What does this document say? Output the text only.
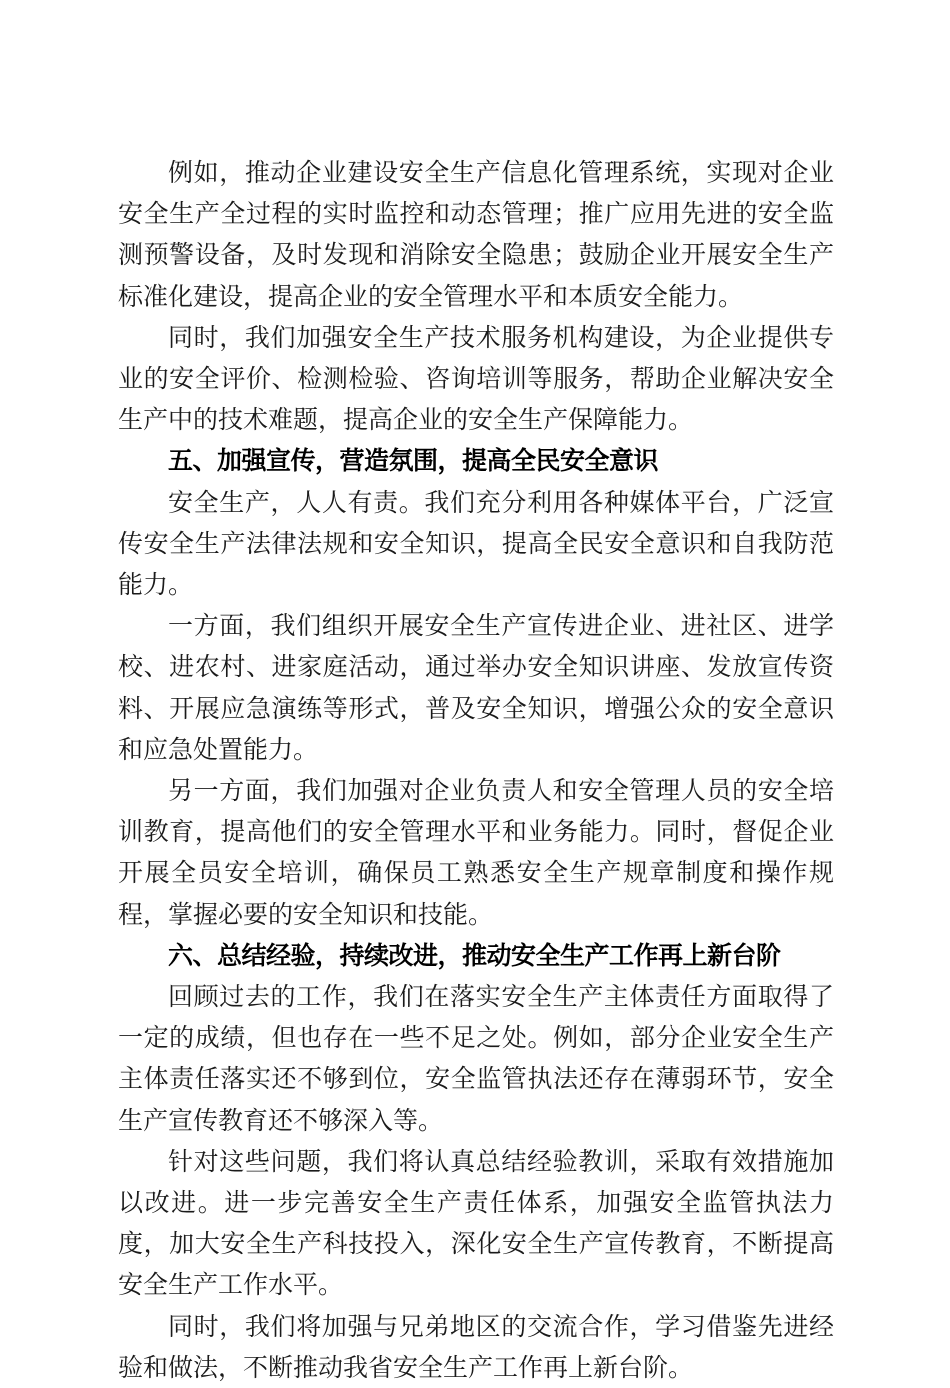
例如，推动企业建设安全生产信息化管理系统，实现对企业安全生产全过程的实时监控和动态管理；推广应用先进的安全监测预警设备，及时发现和消除安全隐患；鼓励企业开展安全生产标准化建设，提高企业的安全管理水平和本质安全能力。

同时，我们加强安全生产技术服务机构建设，为企业提供专业的安全评价、检测检验、咨询培训等服务，帮助企业解决安全生产中的技术难题，提高企业的安全生产保障能力。

五、加强宣传，营造氛围，提高全民安全意识

安全生产，人人有责。我们充分利用各种媒体平台，广泛宣传安全生产法律法规和安全知识，提高全民安全意识和自我防范能力。

一方面，我们组织开展安全生产宣传进企业、进社区、进学校、进农村、进家庭活动，通过举办安全知识讲座、发放宣传资料、开展应急演练等形式，普及安全知识，增强公众的安全意识和应急处置能力。

另一方面，我们加强对企业负责人和安全管理人员的安全培训教育，提高他们的安全管理水平和业务能力。同时，督促企业开展全员安全培训，确保员工熟悉安全生产规章制度和操作规程，掌握必要的安全知识和技能。

六、总结经验，持续改进，推动安全生产工作再上新台阶

回顾过去的工作，我们在落实安全生产主体责任方面取得了一定的成绩，但也存在一些不足之处。例如，部分企业安全生产主体责任落实还不够到位，安全监管执法还存在薄弱环节，安全生产宣传教育还不够深入等。

针对这些问题，我们将认真总结经验教训，采取有效措施加以改进。进一步完善安全生产责任体系，加强安全监管执法力度，加大安全生产科技投入，深化安全生产宣传教育，不断提高安全生产工作水平。

同时，我们将加强与兄弟地区的交流合作，学习借鉴先进经验和做法，不断推动我省安全生产工作再上新台阶。
